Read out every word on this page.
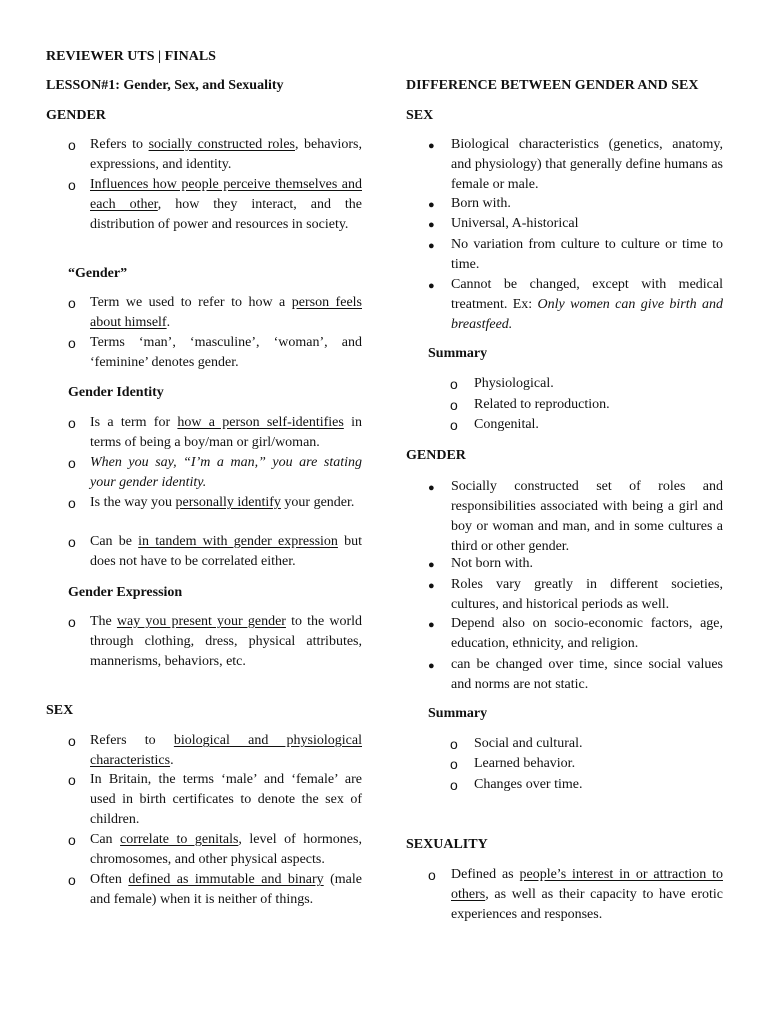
REVIEWER UTS | FINALS
LESSON#1: Gender, Sex, and Sexuality
GENDER
o Refers to socially constructed roles, behaviors, expressions, and identity.
o Influences how people perceive themselves and each other, how they interact, and the distribution of power and resources in society.
“Gender”
o Term we used to refer to how a person feels about himself.
o Terms ‘man’, ‘masculine’, ‘woman’, and ‘feminine’ denotes gender.
Gender Identity
o Is a term for how a person self-identifies in terms of being a boy/man or girl/woman.
o When you say, “I’m a man,” you are stating your gender identity.
o Is the way you personally identify your gender.
o Can be in tandem with gender expression but does not have to be correlated either.
Gender Expression
o The way you present your gender to the world through clothing, dress, physical attributes, mannerisms, behaviors, etc.
SEX
o Refers to biological and physiological characteristics.
o In Britain, the terms ‘male’ and ‘female’ are used in birth certificates to denote the sex of children.
o Can correlate to genitals, level of hormones, chromosomes, and other physical aspects.
o Often defined as immutable and binary (male and female) when it is neither of things.
DIFFERENCE BETWEEN GENDER AND SEX
SEX
● Biological characteristics (genetics, anatomy, and physiology) that generally define humans as female or male.
● Born with.
● Universal, A-historical
● No variation from culture to culture or time to time.
● Cannot be changed, except with medical treatment. Ex: Only women can give birth and breastfeed.
Summary
o Physiological.
o Related to reproduction.
o Congenital.
GENDER
● Socially constructed set of roles and responsibilities associated with being a girl and boy or woman and man, and in some cultures a third or other gender.
● Not born with.
● Roles vary greatly in different societies, cultures, and historical periods as well.
● Depend also on socio-economic factors, age, education, ethnicity, and religion.
● can be changed over time, since social values and norms are not static.
Summary
o Social and cultural.
o Learned behavior.
o Changes over time.
SEXUALITY
o Defined as people’s interest in or attraction to others, as well as their capacity to have erotic experiences and responses.
